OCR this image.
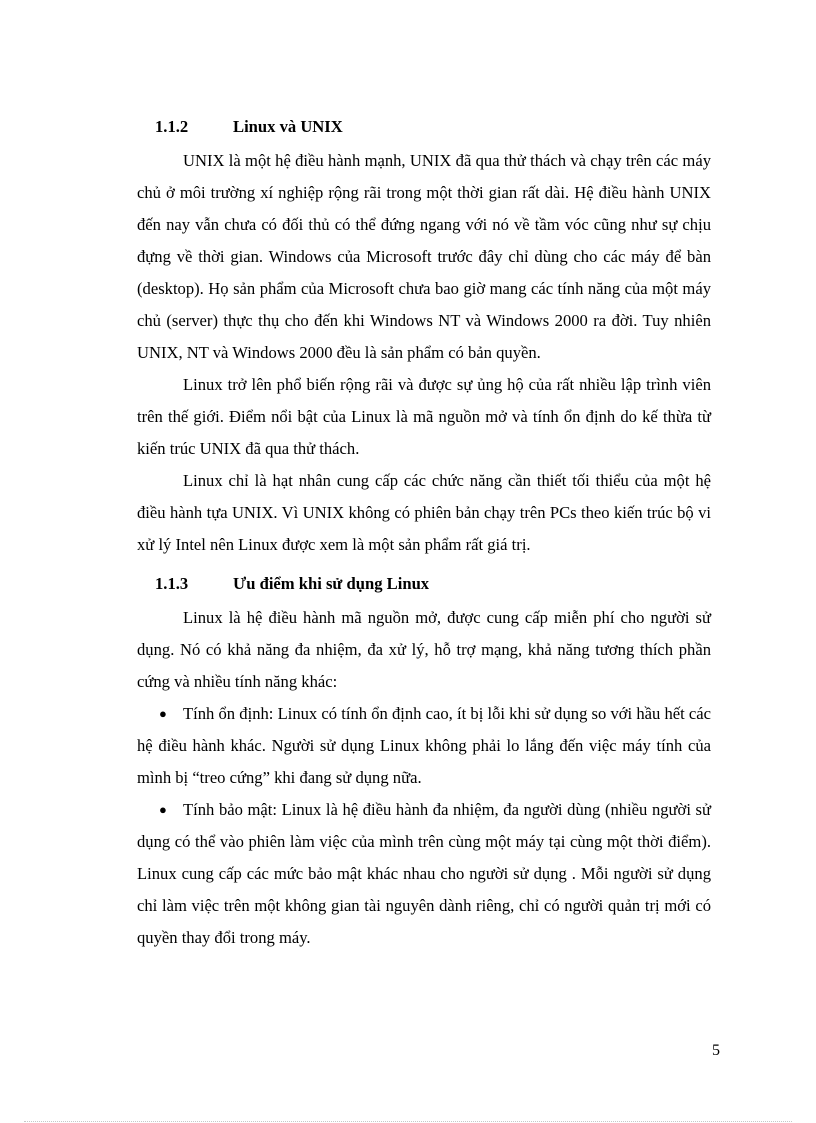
1.1.2	Linux và UNIX

UNIX là một hệ điều hành mạnh, UNIX đã qua thử thách và chạy trên các máy chủ ở môi trường xí nghiệp rộng rãi trong một thời gian rất dài. Hệ điều hành UNIX đến nay vẫn chưa có đối thủ có thể đứng ngang với nó về tầm vóc cũng như sự chịu đựng về thời gian. Windows của Microsoft trước đây chỉ dùng cho các máy để bàn (desktop). Họ sản phẩm của Microsoft chưa bao giờ mang các tính năng của một máy chủ (server) thực thụ cho đến khi Windows NT và Windows 2000 ra đời. Tuy nhiên UNIX, NT và Windows 2000 đều là sản phẩm có bản quyền.

Linux trở lên phổ biến rộng rãi và được sự ủng hộ của rất nhiều lập trình viên trên thế giới. Điểm nổi bật của Linux là mã nguồn mở và tính ổn định do kế thừa từ kiến trúc UNIX đã qua thử thách.

Linux chỉ là hạt nhân cung cấp các chức năng cần thiết tối thiểu của một hệ điều hành tựa UNIX. Vì UNIX không có phiên bản chạy trên PCs theo kiến trúc bộ vi xử lý Intel nên Linux được xem là một sản phẩm rất giá trị.

1.1.3	Ưu điểm khi sử dụng Linux

Linux là hệ điều hành mã nguồn mở, được cung cấp miễn phí cho người sử dụng. Nó có khả năng đa nhiệm, đa xử lý, hỗ trợ mạng, khả năng tương thích phần cứng và nhiều tính năng khác:

● Tính ổn định: Linux có tính ổn định cao, ít bị lỗi khi sử dụng so với hầu hết các hệ điều hành khác. Người sử dụng Linux không phải lo lắng đến việc máy tính của mình bị “treo cứng” khi đang sử dụng nữa.

● Tính bảo mật: Linux là hệ điều hành đa nhiệm, đa người dùng (nhiều người sử dụng có thể vào phiên làm việc của mình trên cùng một máy tại cùng một thời điểm). Linux cung cấp các mức bảo mật khác nhau cho người sử dụng . Mỗi người sử dụng chỉ làm việc trên một không gian tài nguyên dành riêng, chỉ có người quản trị mới có quyền thay đổi trong máy.

5
